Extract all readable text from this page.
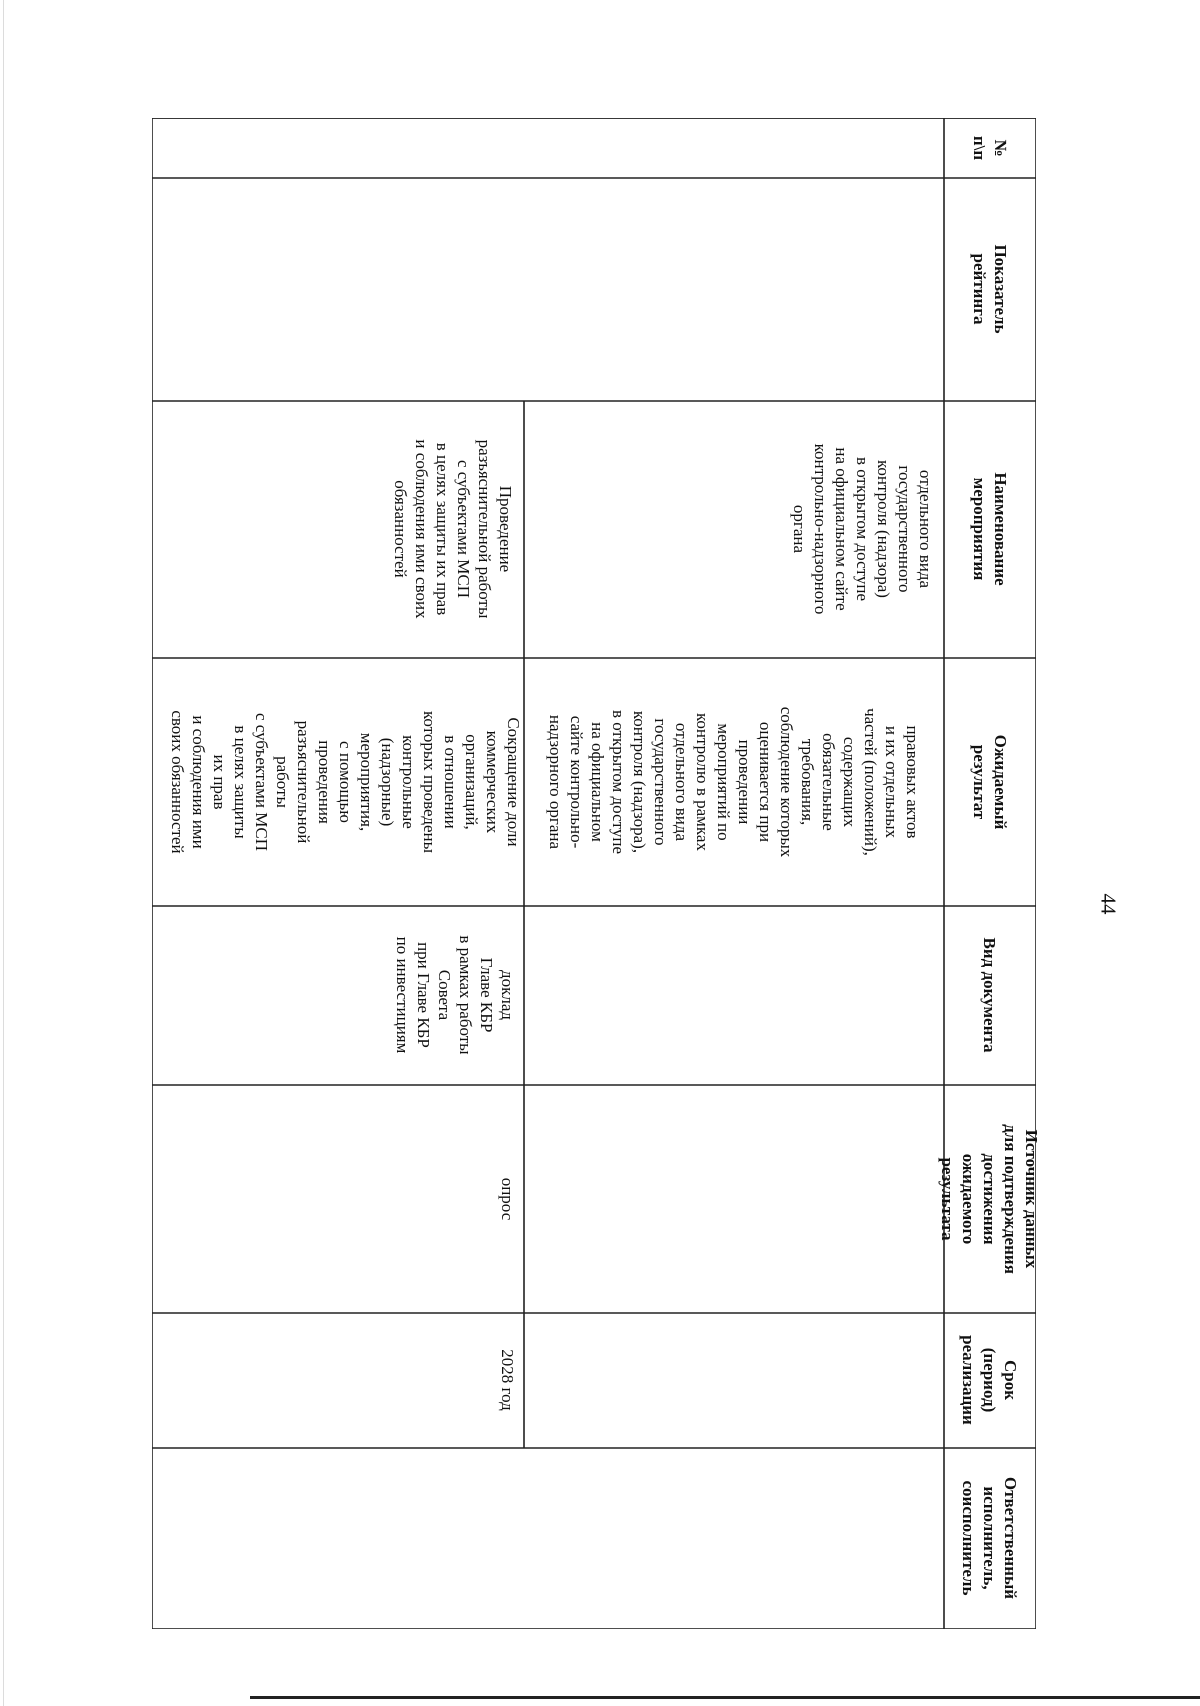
44
№
п\п
Показатель
рейтинга
Наименование
мероприятия
Ожидаемый
результат
Вид документа
Источник данных
для подтверждения
достижения
ожидаемого
результата
Срок
(период)
реализации
Ответственный
исполнитель,
соисполнитель
отдельного вида
государственного
контроля (надзора)
в открытом доступе
на официальном сайте
контрольно-надзорного
органа
правовых актов
и их отдельных
частей (положений),
содержащих
обязательные
требования,
соблюдение которых
оценивается при
проведении
мероприятий по
контролю в рамках
отдельного вида
государственного
контроля (надзора),
в открытом доступе
на официальном
сайте контрольно-
надзорного органа
Проведение
разъяснительной работы
с субъектами МСП
в целях защиты их прав
и соблюдения ими своих
обязанностей
Сокращение доли
коммерческих
организаций,
в отношении
которых проведены
контрольные
(надзорные)
мероприятия,
с помощью
проведения
разъяснительной
работы
с субъектами МСП
в целях защиты
их прав
и соблюдения ими
своих обязанностей
доклад
Главе КБР
в рамках работы
Совета
при Главе КБР
по инвестициям
опрос
2028 год
